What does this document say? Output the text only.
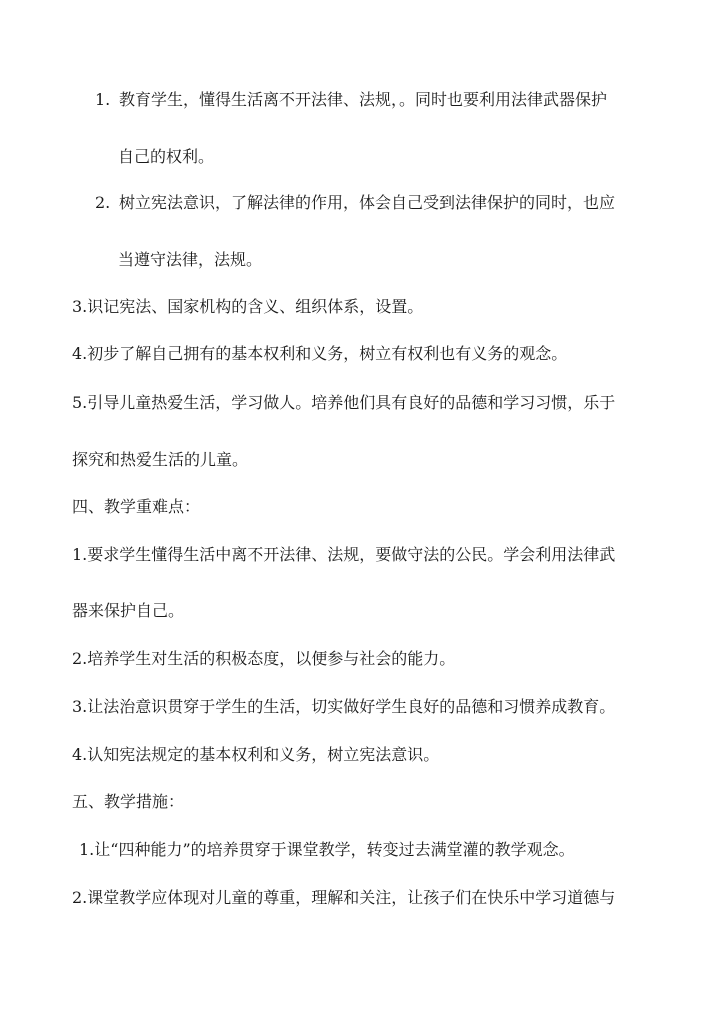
1. 教育学生，懂得生活离不开法律、法规，。同时也要利用法律武器保护
自己的权利。
2. 树立宪法意识，了解法律的作用，体会自己受到法律保护的同时，也应
当遵守法律，法规。
3.识记宪法、国家机构的含义、组织体系，设置。
4.初步了解自己拥有的基本权利和义务，树立有权利也有义务的观念。
5.引导儿童热爱生活，学习做人。培养他们具有良好的品德和学习习惯，乐于
探究和热爱生活的儿童。
四、教学重难点：
1.要求学生懂得生活中离不开法律、法规，要做守法的公民。学会利用法律武
器来保护自己。
2.培养学生对生活的积极态度，以便参与社会的能力。
3.让法治意识贯穿于学生的生活，切实做好学生良好的品德和习惯养成教育。
4.认知宪法规定的基本权利和义务，树立宪法意识。
五、教学措施：
1.让“四种能力”的培养贯穿于课堂教学，转变过去满堂灌的教学观念。
2.课堂教学应体现对儿童的尊重，理解和关注，让孩子们在快乐中学习道德与
